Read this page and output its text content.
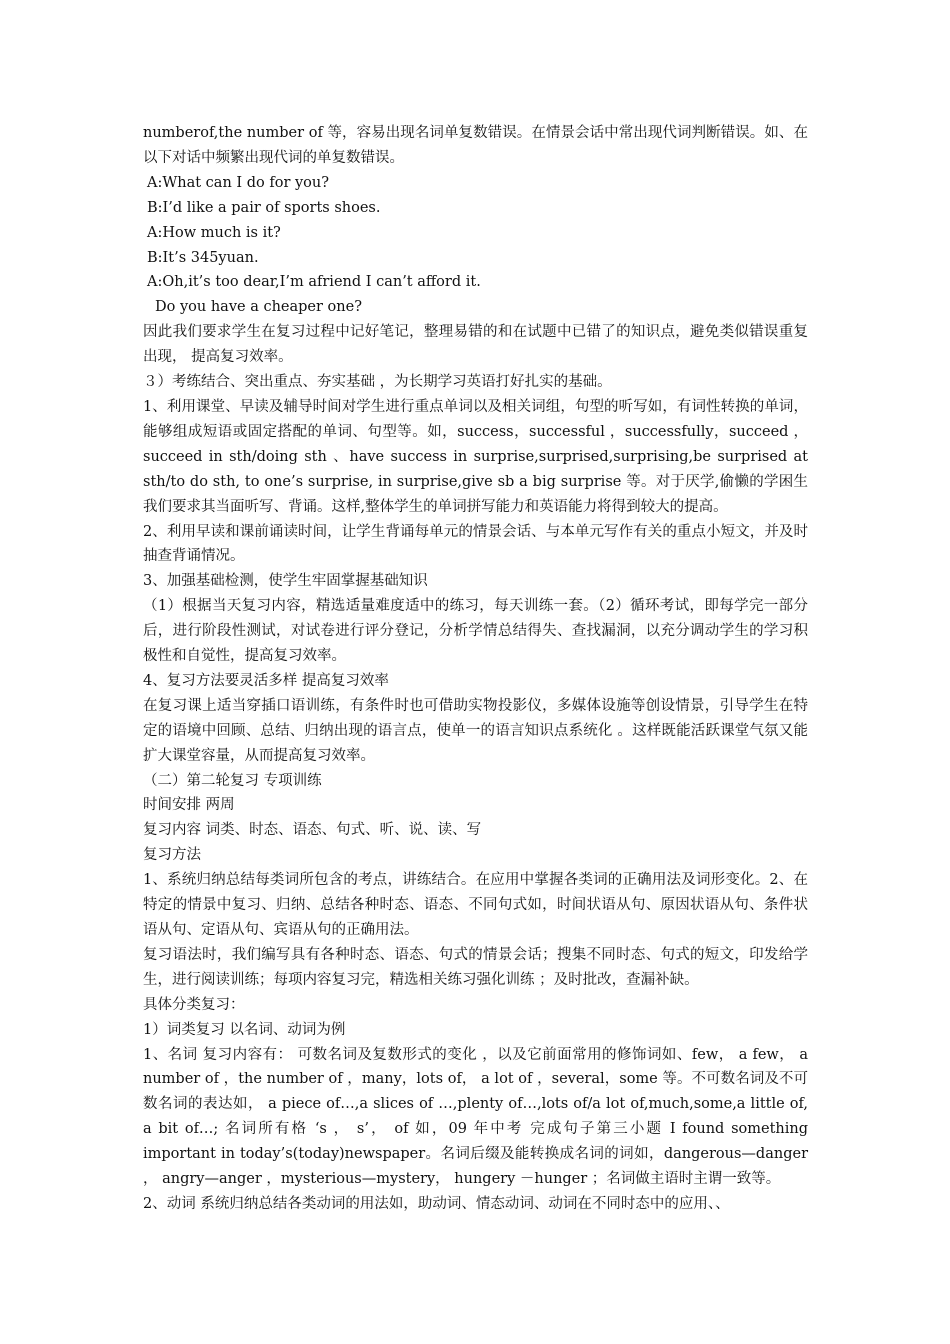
numberof,the number of 等，容易出现名词单复数错误。在情景会话中常出现代词判断错误。如、在以下对话中频繁出现代词的单复数错误。

A:What can I do for you?

B:I’d like a pair of sports shoes.

A:How much is it?

B:It’s 345yuan.

A:Oh,it’s too dear,I’m afriend I can’t afford it.

Do you have a cheaper one?

因此我们要求学生在复习过程中记好笔记，整理易错的和在试题中已错了的知识点，避免类似错误重复出现， 提高复习效率。

３）考练结合、突出重点、夯实基础 ，为长期学习英语打好扎实的基础。

1、利用课堂、早读及辅导时间对学生进行重点单词以及相关词组，句型的听写如，有词性转换的单词，能够组成短语或固定搭配的单词、句型等。如，success，successful ，successfully，succeed ， succeed in sth/doing sth 、have success in surprise,surprised,surprising,be surprised at sth/to do sth, to one’s surprise, in surprise,give sb a big surprise 等。对于厌学,偷懒的学困生我们要求其当面听写、背诵。这样,整体学生的单词拼写能力和英语能力将得到较大的提高。

2、利用早读和课前诵读时间，让学生背诵每单元的情景会话、与本单元写作有关的重点小短文，并及时抽查背诵情况。

3、加强基础检测，使学生牢固掌握基础知识

（1）根据当天复习内容，精选适量难度适中的练习，每天训练一套。（2）循环考试，即每学完一部分后，进行阶段性测试，对试卷进行评分登记，分析学情总结得失、查找漏洞，以充分调动学生的学习积极性和自觉性，提高复习效率。

4、复习方法要灵活多样 提高复习效率

在复习课上适当穿插口语训练，有条件时也可借助实物投影仪，多媒体设施等创设情景，引导学生在特定的语境中回顾、总结、归纳出现的语言点，使单一的语言知识点系统化 。这样既能活跃课堂气氛又能扩大课堂容量，从而提高复习效率。

（二）第二轮复习 专项训练

时间安排 两周

复习内容 词类、时态、语态、句式、听、说、读、写

复习方法

1、系统归纳总结每类词所包含的考点，讲练结合。在应用中掌握各类词的正确用法及词形变化。2、在特定的情景中复习、归纳、总结各种时态、语态、不同句式如，时间状语从句、原因状语从句、条件状语从句、定语从句、宾语从句的正确用法。

复习语法时，我们编写具有各种时态、语态、句式的情景会话；搜集不同时态、句式的短文，印发给学生，进行阅读训练；每项内容复习完，精选相关练习强化训练 ；及时批改，查漏补缺。

具体分类复习：

1）词类复习 以名词、动词为例

1、名词 复习内容有： 可数名词及复数形式的变化 ，以及它前面常用的修饰词如、few， a few， a number of ，the number of ，many，lots of， a lot of ，several，some 等。不可数名词及不可数名词的表达如， a piece of…,a slices of …,plenty of…,lots of/a lot of,much,some,a little of, a bit of…; 名词所有格 ‘s ， s’， of 如，09 年中考 完成句子第三小题 I found something important in today’s(today)newspaper。名词后缀及能转换成名词的词如，dangerous—danger ， angry—anger ，mysterious—mystery， hungery －hunger ；名词做主语时主谓一致等。

2、动词 系统归纳总结各类动词的用法如，助动词、情态动词、动词在不同时态中的应用、、
